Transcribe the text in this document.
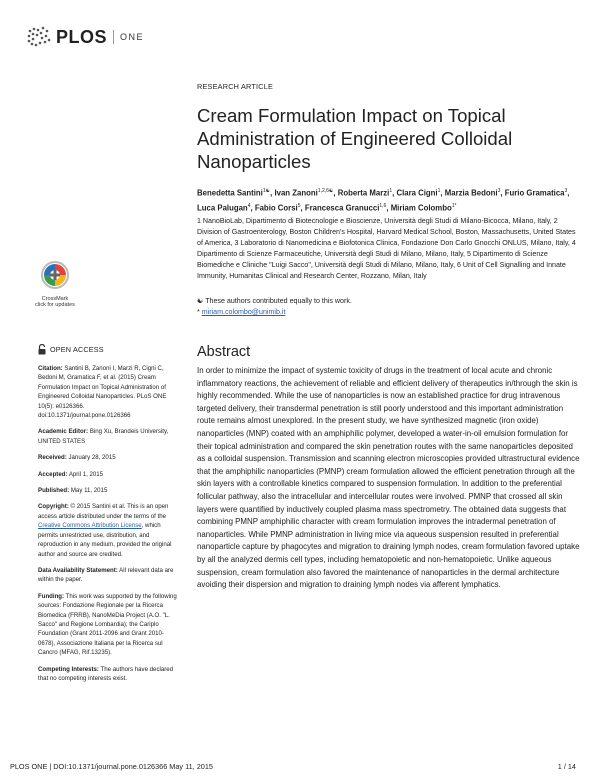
PLOS ONE
RESEARCH ARTICLE
Cream Formulation Impact on Topical Administration of Engineered Colloidal Nanoparticles
Benedetta Santini$^{1☯}$, Ivan Zanoni$^{1,2,6☯}$, Roberta Marzi$^1$, Clara Cigni$^1$, Marzia Bedoni$^3$, Furio Gramatica$^3$, Luca Palugan$^4$, Fabio Corsi$^5$, Francesca Granucci$^{1,6}$, Miriam Colombo$^{1*}$
1 NanoBioLab, Dipartimento di Biotecnologie e Bioscienze, Università degli Studi di Milano-Bicocca, Milano, Italy, 2 Division of Gastroenterology, Boston Children's Hospital, Harvard Medical School, Boston, Massachusetts, United States of America, 3 Laboratorio di Nanomedicina e Biofotonica Clinica, Fondazione Don Carlo Gnocchi ONLUS, Milano, Italy, 4 Dipartimento di Scienze Farmaceutiche, Università degli Studi di Milano, Milano, Italy, 5 Dipartimento di Scienze Biomediche e Cliniche "Luigi Sacco", Università degli Studi di Milano, Milano, Italy, 6 Unit of Cell Signalling and Innate Immunity, Humanitas Clinical and Research Center, Rozzano, Milan, Italy
☯ These authors contributed equally to this work.
* miriam.colombo@unimib.it
CrossMark
click for updates
OPEN ACCESS

Citation: Santini B, Zanoni I, Marzi R, Cigni C, Bedoni M, Gramatica F, et al. (2015) Cream Formulation Impact on Topical Administration of Engineered Colloidal Nanoparticles. PLoS ONE 10(5): e0126366. doi:10.1371/journal.pone.0126366

Academic Editor: Bing Xu, Brandeis University, UNITED STATES

Received: January 28, 2015

Accepted: April 1, 2015

Published: May 11, 2015

Copyright: © 2015 Santini et al. This is an open access article distributed under the terms of the Creative Commons Attribution License, which permits unrestricted use, distribution, and reproduction in any medium, provided the original author and source are credited.

Data Availability Statement: All relevant data are within the paper.

Funding: This work was supported by the following sources: Fondazione Regionale per la Ricerca Biomedica (FRRB), NanoMeDia Project (A.O. "L. Sacco" and Regione Lombardia); the Cariplo Foundation (Grant 2011-2096 and Grant 2010-0678), Associazione Italiana per la Ricerca sul Cancro (MFAG, Rif.13235).

Competing Interests: The authors have declared that no competing interests exist.

Abstract

In order to minimize the impact of systemic toxicity of drugs in the treatment of local acute and chronic inflammatory reactions, the achievement of reliable and efficient delivery of therapeutics in/through the skin is highly recommended. While the use of nanoparticles is now an established practice for drug intravenous targeted delivery, their transdermal penetration is still poorly understood and this important administration route remains almost unexplored. In the present study, we have synthesized magnetic (iron oxide) nanoparticles (MNP) coated with an amphiphilic polymer, developed a water-in-oil emulsion formulation for their topical administration and compared the skin penetration routes with the same nanoparticles deposited as a colloidal suspension. Transmission and scanning electron microscopies provided ultrastructural evidence that the amphiphilic nanoparticles (PMNP) cream formulation allowed the efficient penetration through all the skin layers with a controllable kinetics compared to suspension formulation. In addition to the preferential follicular pathway, also the intracellular and intercellular routes were involved. PMNP that crossed all skin layers were quantified by inductively coupled plasma mass spectrometry. The obtained data suggests that combining PMNP amphiphilic character with cream formulation improves the intradermal penetration of nanoparticles. While PMNP administration in living mice via aqueous suspension resulted in preferential nanoparticle capture by phagocytes and migration to draining lymph nodes, cream formulation favored uptake by all the analyzed dermis cell types, including hematopoietic and non-hematopoietic. Unlike aqueous suspension, cream formulation also favored the maintenance of nanoparticles in the dermal architecture avoiding their dispersion and migration to draining lymph nodes via afferent lymphatics.

PLOS ONE | DOI:10.1371/journal.pone.0126366 May 11, 2015	1 / 14
